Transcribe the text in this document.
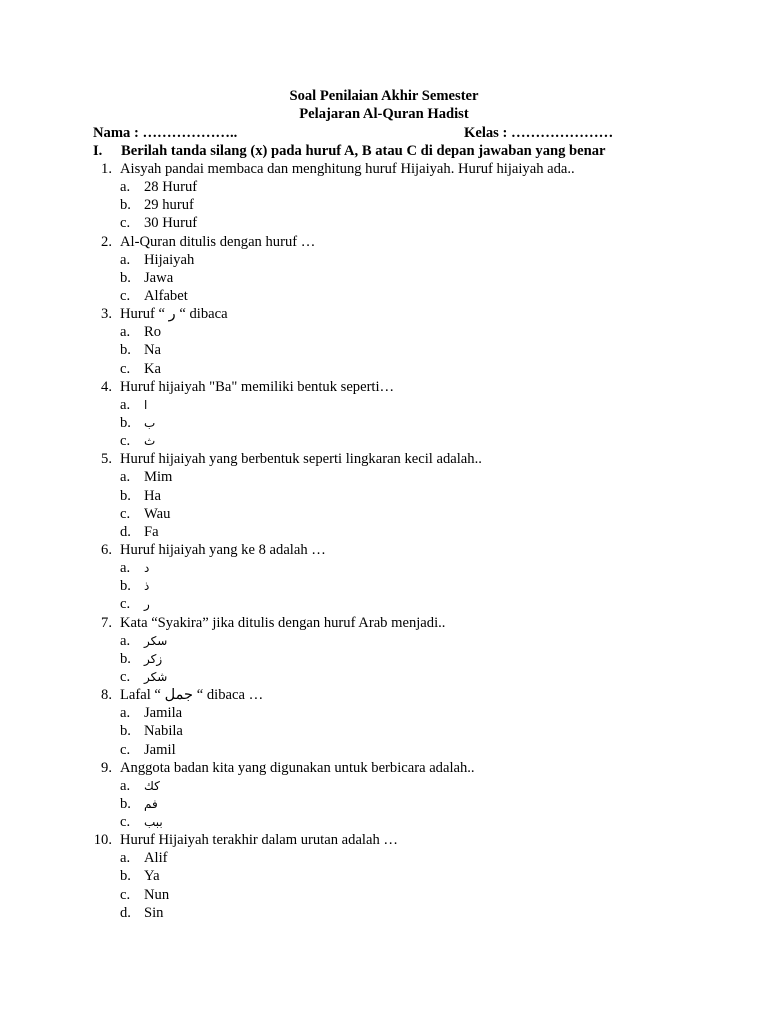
Soal Penilaian Akhir Semester
Pelajaran Al-Quran Hadist
Nama : ………………..	Kelas : …………………
I. Berilah tanda silang (x) pada huruf A, B atau C di depan jawaban yang benar
1. Aisyah pandai membaca dan menghitung huruf Hijaiyah. Huruf hijaiyah ada..
a. 28 Huruf
b. 29 huruf
c. 30 Huruf
2. Al-Quran ditulis dengan huruf …
a. Hijaiyah
b. Jawa
c. Alfabet
3. Huruf “ ر “ dibaca
a. Ro
b. Na
c. Ka
4. Huruf hijaiyah "Ba" memiliki bentuk seperti…
a. ا
b. ب
c. ث
5. Huruf hijaiyah yang berbentuk seperti lingkaran kecil adalah..
a. Mim
b. Ha
c. Wau
d. Fa
6. Huruf hijaiyah yang ke 8 adalah …
a. د
b. ذ
c. ر
7. Kata “Syakira” jika ditulis dengan huruf Arab menjadi..
a. سكر
b. زكر
c. شكر
8. Lafal “ جمل “ dibaca …
a. Jamila
b. Nabila
c. Jamil
9. Anggota badan kita yang digunakan untuk berbicara adalah..
a. كك
b. فم
c. ببب
10. Huruf Hijaiyah terakhir dalam urutan adalah …
a. Alif
b. Ya
c. Nun
d. Sin
